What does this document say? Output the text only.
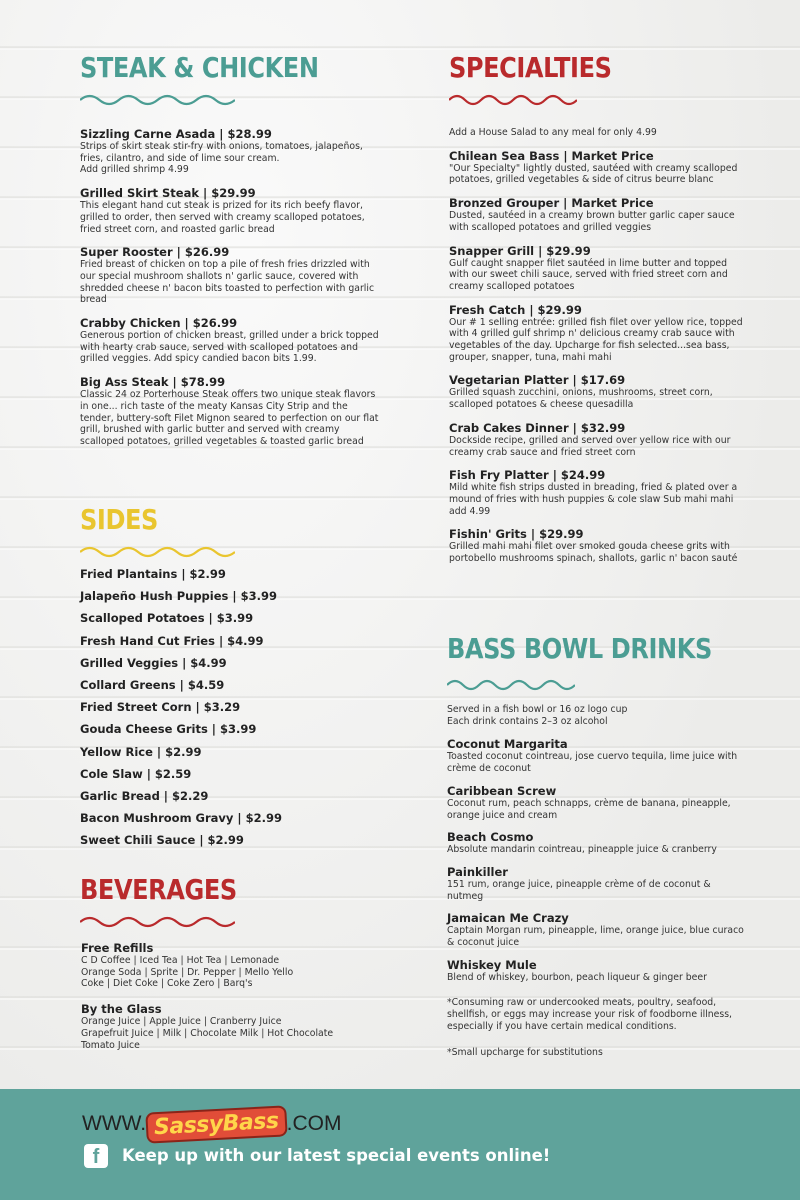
STEAK & CHICKEN
Sizzling Carne Asada | $28.99
Strips of skirt steak stir-fry with onions, tomatoes, jalapeños, fries, cilantro, and side of lime sour cream.
Add grilled shrimp 4.99
Grilled Skirt Steak | $29.99
This elegant hand cut steak is prized for its rich beefy flavor, grilled to order, then served with creamy scalloped potatoes, fried street corn, and roasted garlic bread
Super Rooster | $26.99
Fried breast of chicken on top a pile of fresh fries drizzled with our special mushroom shallots n' garlic sauce, covered with shredded cheese n' bacon bits toasted to perfection with garlic bread
Crabby Chicken | $26.99
Generous portion of chicken breast, grilled under a brick topped with hearty crab sauce, served with scalloped potatoes and grilled veggies. Add spicy candied bacon bits 1.99.
Big Ass Steak | $78.99
Classic 24 oz Porterhouse Steak offers two unique steak flavors in one... rich taste of the meaty Kansas City Strip and the tender, buttery-soft Filet Mignon seared to perfection on our flat grill, brushed with garlic butter and served with creamy scalloped potatoes, grilled vegetables & toasted garlic bread
SIDES
Fried Plantains | $2.99
Jalapeño Hush Puppies | $3.99
Scalloped Potatoes | $3.99
Fresh Hand Cut Fries | $4.99
Grilled Veggies | $4.99
Collard Greens | $4.59
Fried Street Corn | $3.29
Gouda Cheese Grits | $3.99
Yellow Rice | $2.99
Cole Slaw | $2.59
Garlic Bread | $2.29
Bacon Mushroom Gravy | $2.99
Sweet Chili Sauce | $2.99
BEVERAGES
Free Refills
C D Coffee | Iced Tea | Hot Tea | Lemonade
Orange Soda | Sprite | Dr. Pepper | Mello Yello
Coke | Diet Coke | Coke Zero | Barq's
By the Glass
Orange Juice | Apple Juice | Cranberry Juice
Grapefruit Juice | Milk | Chocolate Milk | Hot Chocolate
Tomato Juice
SPECIALTIES
Add a House Salad to any meal for only 4.99
Chilean Sea Bass | Market Price
"Our Specialty" lightly dusted, sautéed with creamy scalloped potatoes, grilled vegetables & side of citrus beurre blanc
Bronzed Grouper | Market Price
Dusted, sautéed in a creamy brown butter garlic caper sauce with scalloped potatoes and grilled veggies
Snapper Grill | $29.99
Gulf caught snapper filet sautéed in lime butter and topped with our sweet chili sauce, served with fried street corn and creamy scalloped potatoes
Fresh Catch | $29.99
Our # 1 selling entrée: grilled fish filet over yellow rice, topped with 4 grilled gulf shrimp n' delicious creamy crab sauce with vegetables of the day. Upcharge for fish selected...sea bass, grouper, snapper, tuna, mahi mahi
Vegetarian Platter | $17.69
Grilled squash zucchini, onions, mushrooms, street corn, scalloped potatoes & cheese quesadilla
Crab Cakes Dinner | $32.99
Dockside recipe, grilled and served over yellow rice with our creamy crab sauce and fried street corn
Fish Fry Platter | $24.99
Mild white fish strips dusted in breading, fried & plated over a mound of fries with hush puppies & cole slaw Sub mahi mahi add 4.99
Fishin' Grits | $29.99
Grilled mahi mahi filet over smoked gouda cheese grits with portobello mushrooms spinach, shallots, garlic n' bacon sauté
BASS BOWL DRINKS
Served in a fish bowl or 16 oz logo cup
Each drink contains 2–3 oz alcohol
Coconut Margarita
Toasted coconut cointreau, jose cuervo tequila, lime juice with crème de coconut
Caribbean Screw
Coconut rum, peach schnapps, crème de banana, pineapple, orange juice and cream
Beach Cosmo
Absolute mandarin cointreau, pineapple juice & cranberry
Painkiller
151 rum, orange juice, pineapple crème of de coconut & nutmeg
Jamaican Me Crazy
Captain Morgan rum, pineapple, lime, orange juice, blue curaco & coconut juice
Whiskey Mule
Blend of whiskey, bourbon, peach liqueur & ginger beer
*Consuming raw or undercooked meats, poultry, seafood, shellfish, or eggs may increase your risk of foodborne illness, especially if you have certain medical conditions.
*Small upcharge for substitutions
WWW. SassyBass .COM
f	Keep up with our latest special events online!
